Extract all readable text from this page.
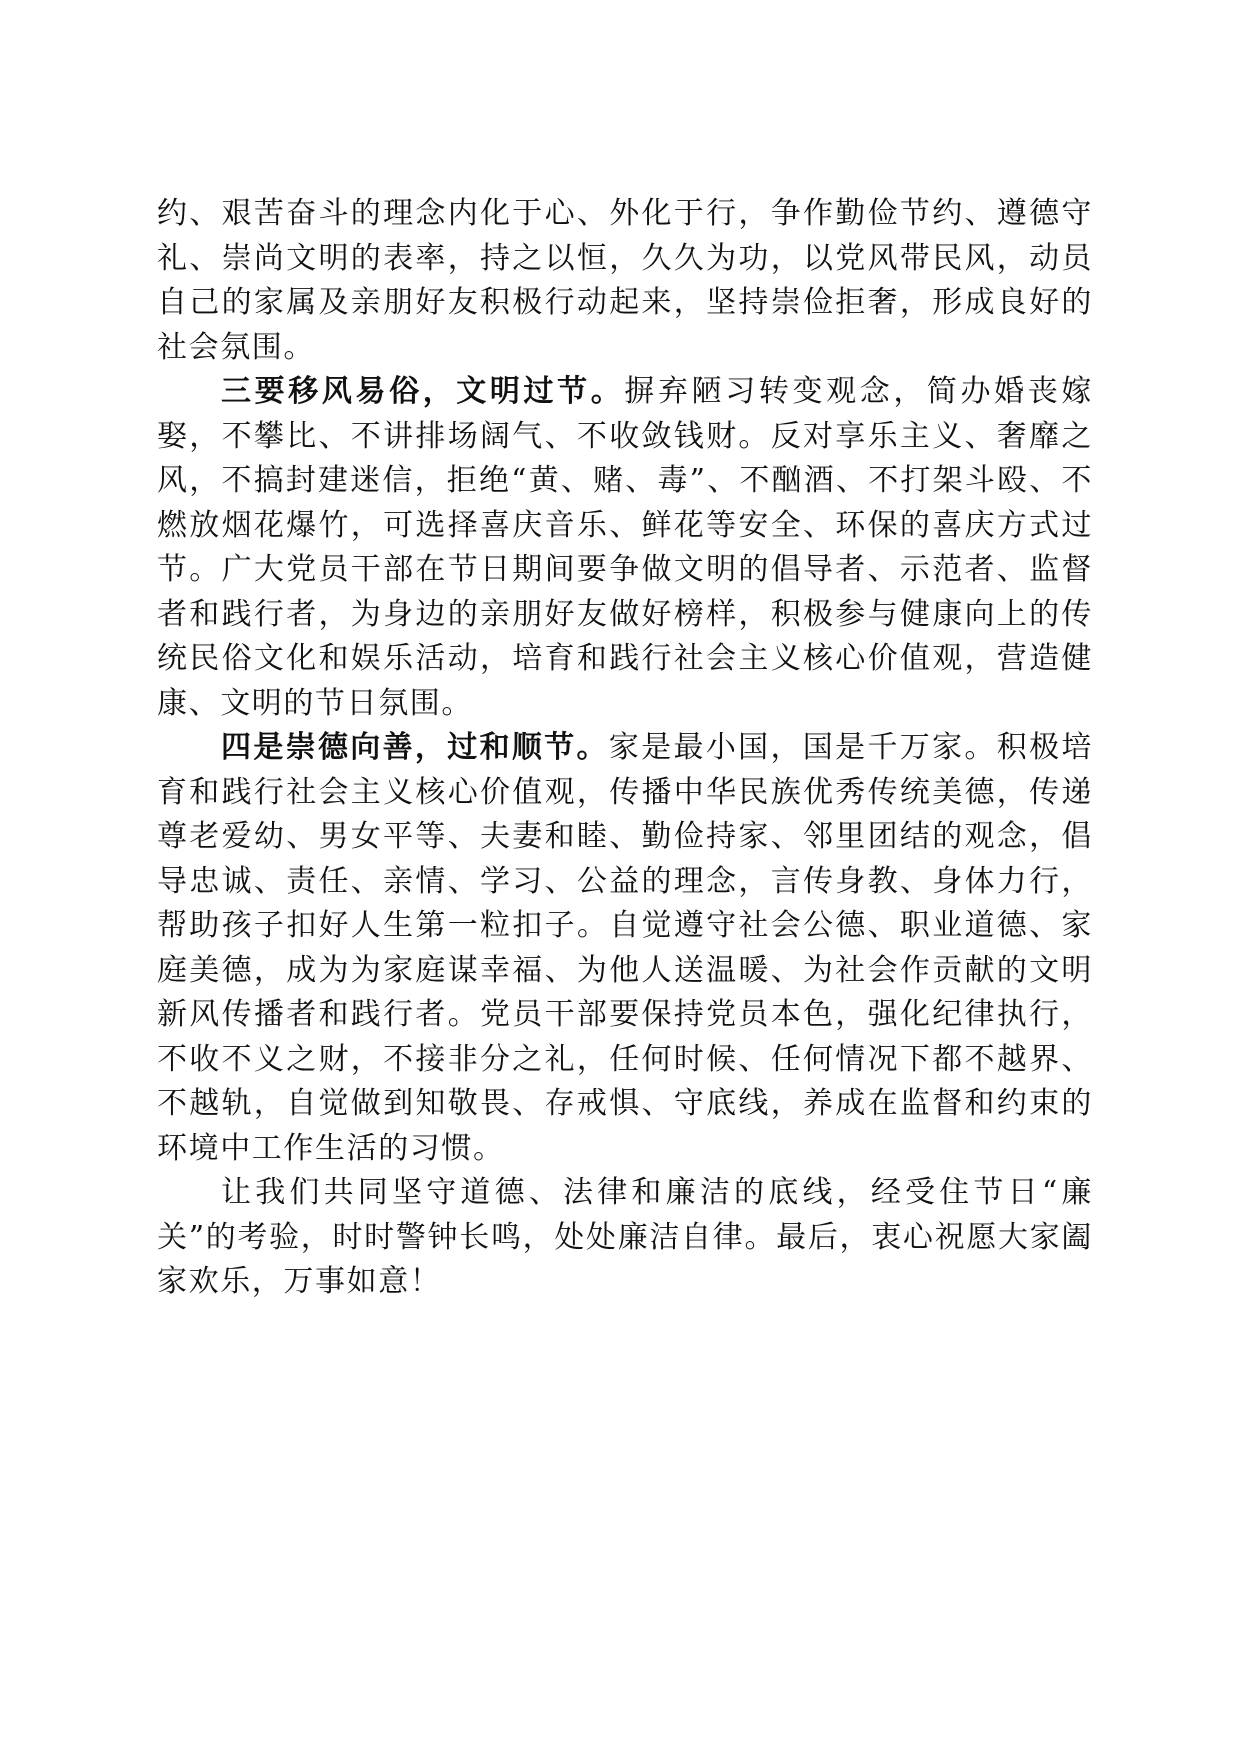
约、艰苦奋斗的理念内化于心、外化于行，争作勤俭节约、遵德守礼、崇尚文明的表率，持之以恒，久久为功，以党风带民风，动员自己的家属及亲朋好友积极行动起来，坚持崇俭拒奢，形成良好的社会氛围。

三要移风易俗，文明过节。摒弃陋习转变观念，简办婚丧嫁娶，不攀比、不讲排场阔气、不收敛钱财。反对享乐主义、奢靡之风，不搞封建迷信，拒绝“黄、赌、毒”、不酗酒、不打架斗殴、不燃放烟花爆竹，可选择喜庆音乐、鲜花等安全、环保的喜庆方式过节。广大党员干部在节日期间要争做文明的倡导者、示范者、监督者和践行者，为身边的亲朋好友做好榜样，积极参与健康向上的传统民俗文化和娱乐活动，培育和践行社会主义核心价值观，营造健康、文明的节日氛围。

四是崇德向善，过和顺节。家是最小国，国是千万家。积极培育和践行社会主义核心价值观，传播中华民族优秀传统美德，传递尊老爱幼、男女平等、夫妻和睦、勤俭持家、邻里团结的观念，倡导忠诚、责任、亲情、学习、公益的理念，言传身教、身体力行，帮助孩子扣好人生第一粒扣子。自觉遵守社会公德、职业道德、家庭美德，成为为家庭谋幸福、为他人送温暖、为社会作贡献的文明新风传播者和践行者。党员干部要保持党员本色，强化纪律执行，不收不义之财，不接非分之礼，任何时候、任何情况下都不越界、不越轨，自觉做到知敬畏、存戒惧、守底线，养成在监督和约束的环境中工作生活的习惯。

让我们共同坚守道德、法律和廉洁的底线，经受住节日“廉关”的考验，时时警钟长鸣，处处廉洁自律。最后，衷心祝愿大家阖家欢乐，万事如意！
